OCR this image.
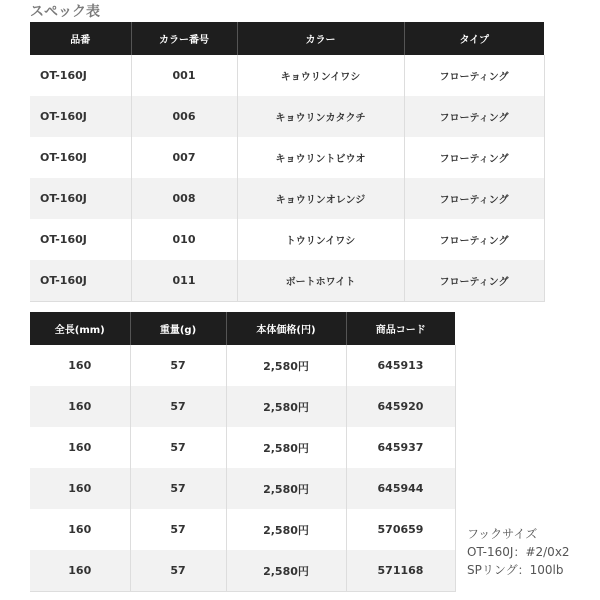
スペック表
品番	カラー番号	カラー	タイプ
OT-160J	001	キョウリンイワシ	フローティング
OT-160J	006	キョウリンカタクチ	フローティング
OT-160J	007	キョウリントビウオ	フローティング
OT-160J	008	キョウリンオレンジ	フローティング
OT-160J	010	トウリンイワシ	フローティング
OT-160J	011	ボートホワイト	フローティング
全長(mm)	重量(g)	本体価格(円)	商品コード
160	57	2,580円	645913
160	57	2,580円	645920
160	57	2,580円	645937
160	57	2,580円	645944
160	57	2,580円	570659
160	57	2,580円	571168
フックサイズ
OT-160J：#2/0x2
SPリング：100lb
